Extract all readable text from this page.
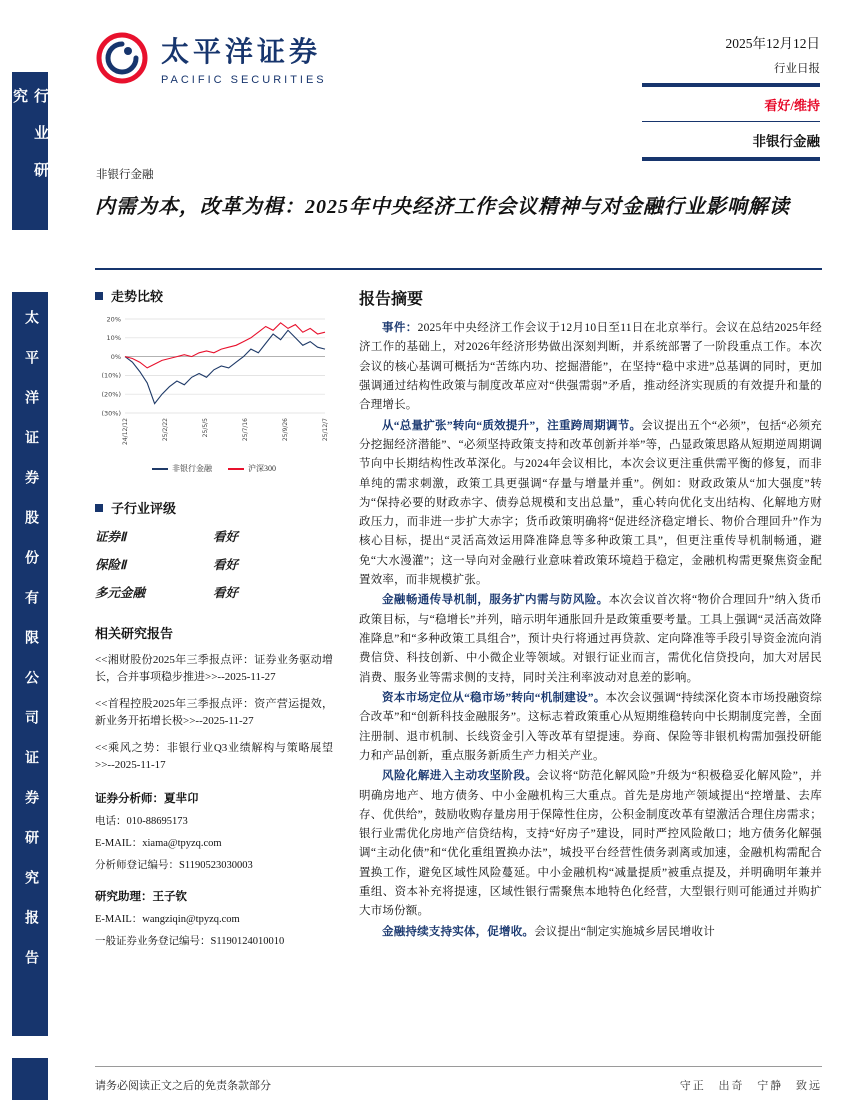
行业研究
太平洋证券股份有限公司证券研究报告
太平洋证券
PACIFIC SECURITIES
2025年12月12日
行业日报
看好/维持
非银行金融
非银行金融
内需为本，改革为楫：2025年中央经济工作会议精神与对金融行业影响解读
走势比较
20%
10%
0%
(10%)
(20%)
(30%)
24/12/12	25/2/22	25/5/5	25/7/16	25/9/26	25/12/7
非银行金融	沪深300
子行业评级
证券Ⅱ	看好
保险Ⅱ	看好
多元金融	看好
相关研究报告
<<湘财股份2025年三季报点评：证券业务驱动增长，合并事项稳步推进>>--2025-11-27
<<首程控股2025年三季报点评：资产营运提效，新业务开拓增长极>>--2025-11-27
<<乘风之势：非银行业Q3业绩解构与策略展望>>--2025-11-17
证券分析师：夏芈卬
电话：010-88695173
E-MAIL：xiama@tpyzq.com
分析师登记编号：S1190523030003
研究助理：王子钦
E-MAIL：wangziqin@tpyzq.com
一般证券业务登记编号：S1190124010010
报告摘要

事件：2025年中央经济工作会议于12月10日至11日在北京举行。会议在总结2025年经济工作的基础上，对2026年经济形势做出深刻判断，并系统部署了一阶段重点工作。本次会议的核心基调可概括为“苦练内功、挖掘潜能”，在坚持“稳中求进”总基调的同时，更加强调通过结构性政策与制度改革应对“供强需弱”矛盾，推动经济实现质的有效提升和量的合理增长。

从“总量扩张”转向“质效提升”，注重跨周期调节。会议提出五个“必须”，包括“必须充分挖掘经济潜能”、“必须坚持政策支持和改革创新并举”等，凸显政策思路从短期逆周期调节向中长期结构性改革深化。与2024年会议相比，本次会议更注重供需平衡的修复，而非单纯的需求刺激，政策工具更强调“存量与增量并重”。例如：财政政策从“加大强度”转为“保持必要的财政赤字、债券总规模和支出总量”，重心转向优化支出结构、化解地方财政压力，而非进一步扩大赤字；货币政策明确将“促进经济稳定增长、物价合理回升”作为核心目标，提出“灵活高效运用降准降息等多种政策工具”，但更注重传导机制畅通，避免“大水漫灌”；这一导向对金融行业意味着政策环境趋于稳定，金融机构需更聚焦资金配置效率，而非规模扩张。

金融畅通传导机制，服务扩内需与防风险。本次会议首次将“物价合理回升”纳入货币政策目标，与“稳增长”并列，暗示明年通胀回升是政策重要考量。工具上强调“灵活高效降准降息”和“多种政策工具组合”，预计央行将通过再贷款、定向降准等手段引导资金流向消费信贷、科技创新、中小微企业等领域。对银行证业而言，需优化信贷投向，加大对居民消费、服务业等需求侧的支持，同时关注利率波动对息差的影响。

资本市场定位从“稳市场”转向“机制建设”。本次会议强调“持续深化资本市场投融资综合改革”和“创新科技金融服务”。这标志着政策重心从短期维稳转向中长期制度完善，全面注册制、退市机制、长线资金引入等改革有望提速。券商、保险等非银机构需加强投研能力和产品创新，重点服务新质生产力相关产业。

风险化解进入主动攻坚阶段。会议将“防范化解风险”升级为“积极稳妥化解风险”，并明确房地产、地方债务、中小金融机构三大重点。首先是房地产领域提出“控增量、去库存、优供给”，鼓励收购存量房用于保障性住房，公积金制度改革有望激活合理住房需求；银行业需优化房地产信贷结构，支持“好房子”建设，同时严控风险敞口；地方债务化解强调“主动化债”和“优化重组置换办法”，城投平台经营性债务剥离或加速，金融机构需配合置换工作，避免区域性风险蔓延。中小金融机构“减量提质”被重点提及，并明确明年兼并重组、资本补充将提速，区域性银行需聚焦本地特色化经营，大型银行则可能通过并购扩大市场份额。

金融持续支持实体，促增收。会议提出“制定实施城乡居民增收计

请务必阅读正文之后的免责条款部分	守正 出奇 宁静 致远
